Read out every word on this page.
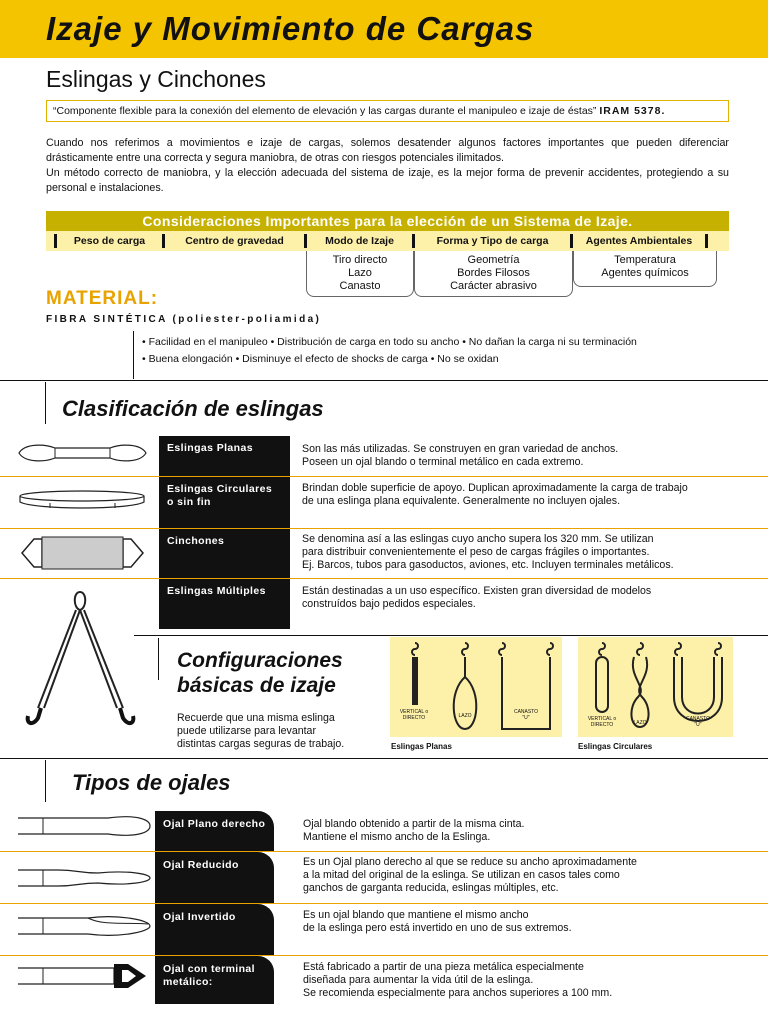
Izaje y Movimiento de Cargas
Eslingas y Cinchones
“Componente flexible para la conexión del elemento de elevación y las cargas durante el manipuleo e izaje de éstas” IRAM 5378.
Cuando nos referimos a movimientos e izaje de cargas, solemos desatender algunos factores importantes que pueden diferenciar drásticamente entre una correcta y segura maniobra, de otras con riesgos potenciales ilimitados.
Un método correcto de maniobra, y la elección adecuada del sistema de izaje, es la mejor forma de prevenir accidentes, protegiendo a su personal e instalaciones.
Consideraciones Importantes para la elección de un Sistema de Izaje.
Peso de carga	Centro de gravedad	Modo de Izaje	Forma y Tipo de carga	Agentes Ambientales
Tiro directo
Lazo
Canasto
Geometría
Bordes Filosos
Carácter abrasivo
Temperatura
Agentes químicos
MATERIAL:
FIBRA SINTÉTICA (poliester-poliamida)
• Facilidad en el manipuleo • Distribución de carga en todo su ancho • No dañan la carga ni su terminación
• Buena elongación • Disminuye el efecto de shocks de carga • No se oxidan
Clasificación de eslingas
Eslingas Planas	Son las más utilizadas. Se construyen en gran variedad de anchos.
Poseen un ojal blando o terminal metálico en cada extremo.
Eslingas Circulares o sin fin
Brindan doble superficie de apoyo. Duplican aproximadamente la carga de trabajo
de una eslinga plana equivalente. Generalmente no incluyen ojales.
Cinchones	Se denomina así a las eslingas cuyo ancho supera los 320 mm. Se utilizan
para distribuir convenientemente el peso de cargas frágiles o importantes.
Ej. Barcos, tubos para gasoductos, aviones, etc. Incluyen terminales metálicos.
Eslingas Múltiples	Están destinadas a un uso específico. Existen gran diversidad de modelos
construídos bajo pedidos especiales.
Configuraciones
básicas de izaje
Recuerde que una misma eslinga
puede utilizarse para levantar
distintas cargas seguras de trabajo.
VERTICAL o
DIRECTO	LAZO
CANASTO
"U"
Eslingas Planas
VERTICAL o
DIRECTO	LAZO
CANASTO
"U"
Eslingas Circulares
Tipos de ojales
Ojal Plano derecho	Ojal blando obtenido a partir de la misma cinta.
Mantiene el mismo ancho de la Eslinga.
Ojal Reducido	Es un Ojal plano derecho al que se reduce su ancho aproximadamente
a la mitad del original de la eslinga. Se utilizan en casos tales como
ganchos de garganta reducida, eslingas múltiples, etc.
Ojal Invertido	Es un ojal blando que mantiene el mismo ancho
de la eslinga pero está invertido en uno de sus extremos.
Ojal con terminal metálico:
Está fabricado a partir de una pieza metálica especialmente
diseñada para aumentar la vida útil de la eslinga.
Se recomienda especialmente para anchos superiores a 100 mm.
